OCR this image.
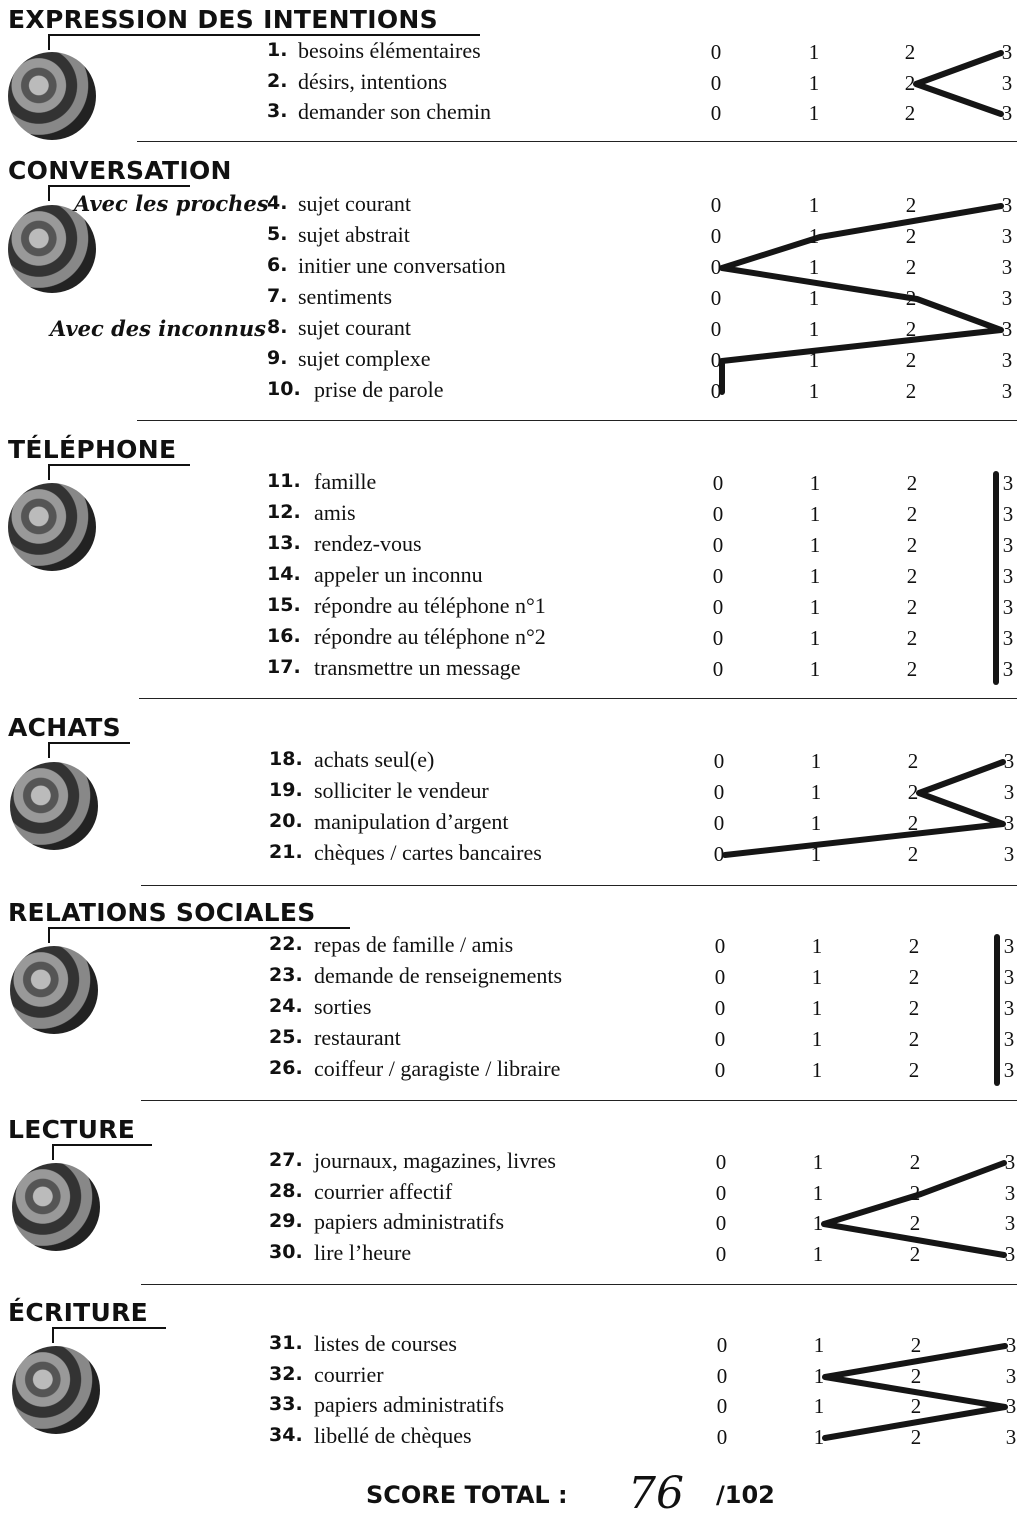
EXPRESSION DES INTENTIONS
1. besoins élémentaires	0	1	2	3
2. désirs, intentions	0	1	2	3
3. demander son chemin	0	1	2	3
CONVERSATION
Avec les proches
Avec des inconnus
4. sujet courant	0	1	2	3
5. sujet abstrait	0	1	2	3
6. initier une conversation	0	1	2	3
7. sentiments	0	1	2	3
8. sujet courant	0	1	2	3
9. sujet complexe	0	1	2	3
10. prise de parole	0	1	2	3
TÉLÉPHONE
11. famille	0	1	2	3
12. amis	0	1	2	3
13. rendez-vous	0	1	2	3
14. appeler un inconnu	0	1	2	3
15. répondre au téléphone n°1	0	1	2	3
16. répondre au téléphone n°2	0	1	2	3
17. transmettre un message	0	1	2	3
ACHATS
18. achats seul(e)	0	1	2	3
19. solliciter le vendeur	0	1	2	3
20. manipulation d’argent	0	1	2	3
21. chèques / cartes bancaires	0	1	2	3
RELATIONS SOCIALES
22. repas de famille / amis	0	1	2	3
23. demande de renseignements	0	1	2	3
24. sorties	0	1	2	3
25. restaurant	0	1	2	3
26. coiffeur / garagiste / libraire	0	1	2	3
LECTURE
27. journaux, magazines, livres	0	1	2	3
28. courrier affectif	0	1	2	3
29. papiers administratifs	0	1	2	3
30. lire l’heure	0	1	2	3
ÉCRITURE
31. listes de courses	0	1	2	3
32. courrier	0	1	2	3
33. papiers administratifs	0	1	2	3
34. libellé de chèques	0	1	2	3
SCORE TOTAL : 76 /102
